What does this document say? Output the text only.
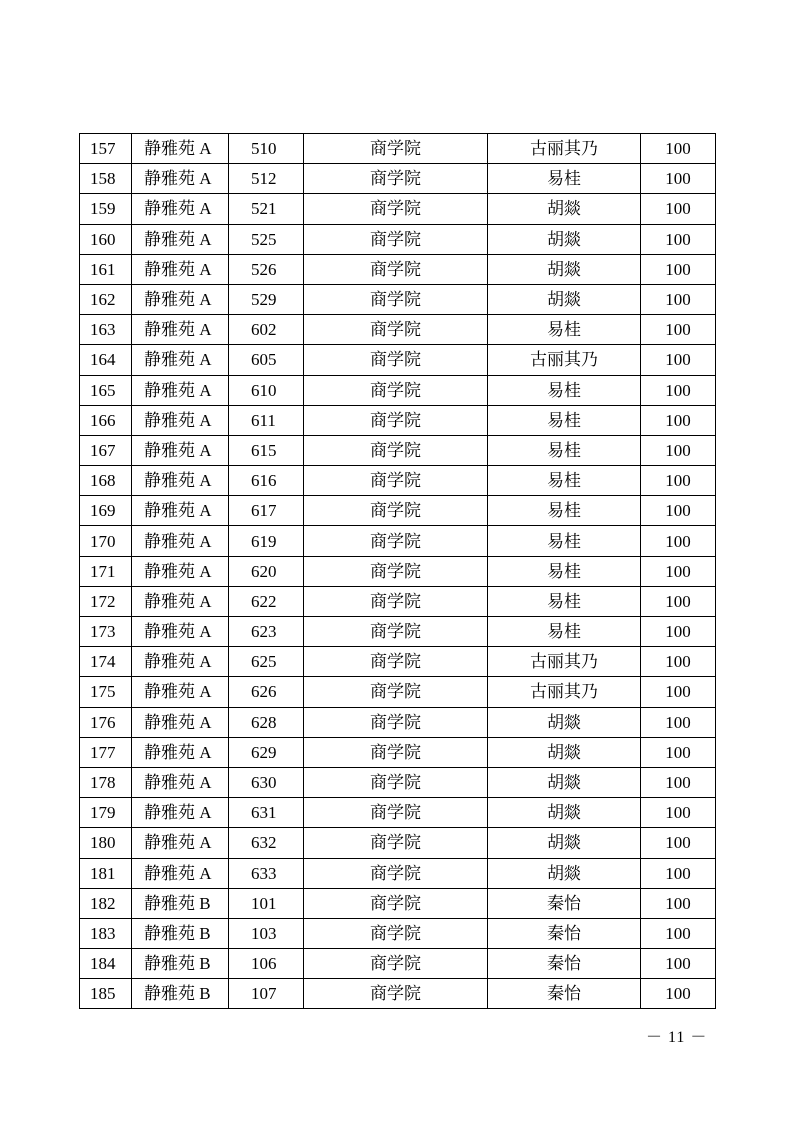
157	静雅苑 A	510	商学院	古丽其乃	100
158	静雅苑 A	512	商学院	易桂	100
159	静雅苑 A	521	商学院	胡燚	100
160	静雅苑 A	525	商学院	胡燚	100
161	静雅苑 A	526	商学院	胡燚	100
162	静雅苑 A	529	商学院	胡燚	100
163	静雅苑 A	602	商学院	易桂	100
164	静雅苑 A	605	商学院	古丽其乃	100
165	静雅苑 A	610	商学院	易桂	100
166	静雅苑 A	611	商学院	易桂	100
167	静雅苑 A	615	商学院	易桂	100
168	静雅苑 A	616	商学院	易桂	100
169	静雅苑 A	617	商学院	易桂	100
170	静雅苑 A	619	商学院	易桂	100
171	静雅苑 A	620	商学院	易桂	100
172	静雅苑 A	622	商学院	易桂	100
173	静雅苑 A	623	商学院	易桂	100
174	静雅苑 A	625	商学院	古丽其乃	100
175	静雅苑 A	626	商学院	古丽其乃	100
176	静雅苑 A	628	商学院	胡燚	100
177	静雅苑 A	629	商学院	胡燚	100
178	静雅苑 A	630	商学院	胡燚	100
179	静雅苑 A	631	商学院	胡燚	100
180	静雅苑 A	632	商学院	胡燚	100
181	静雅苑 A	633	商学院	胡燚	100
182	静雅苑 B	101	商学院	秦怡	100
183	静雅苑 B	103	商学院	秦怡	100
184	静雅苑 B	106	商学院	秦怡	100
185	静雅苑 B	107	商学院	秦怡	100
－ 11 －
